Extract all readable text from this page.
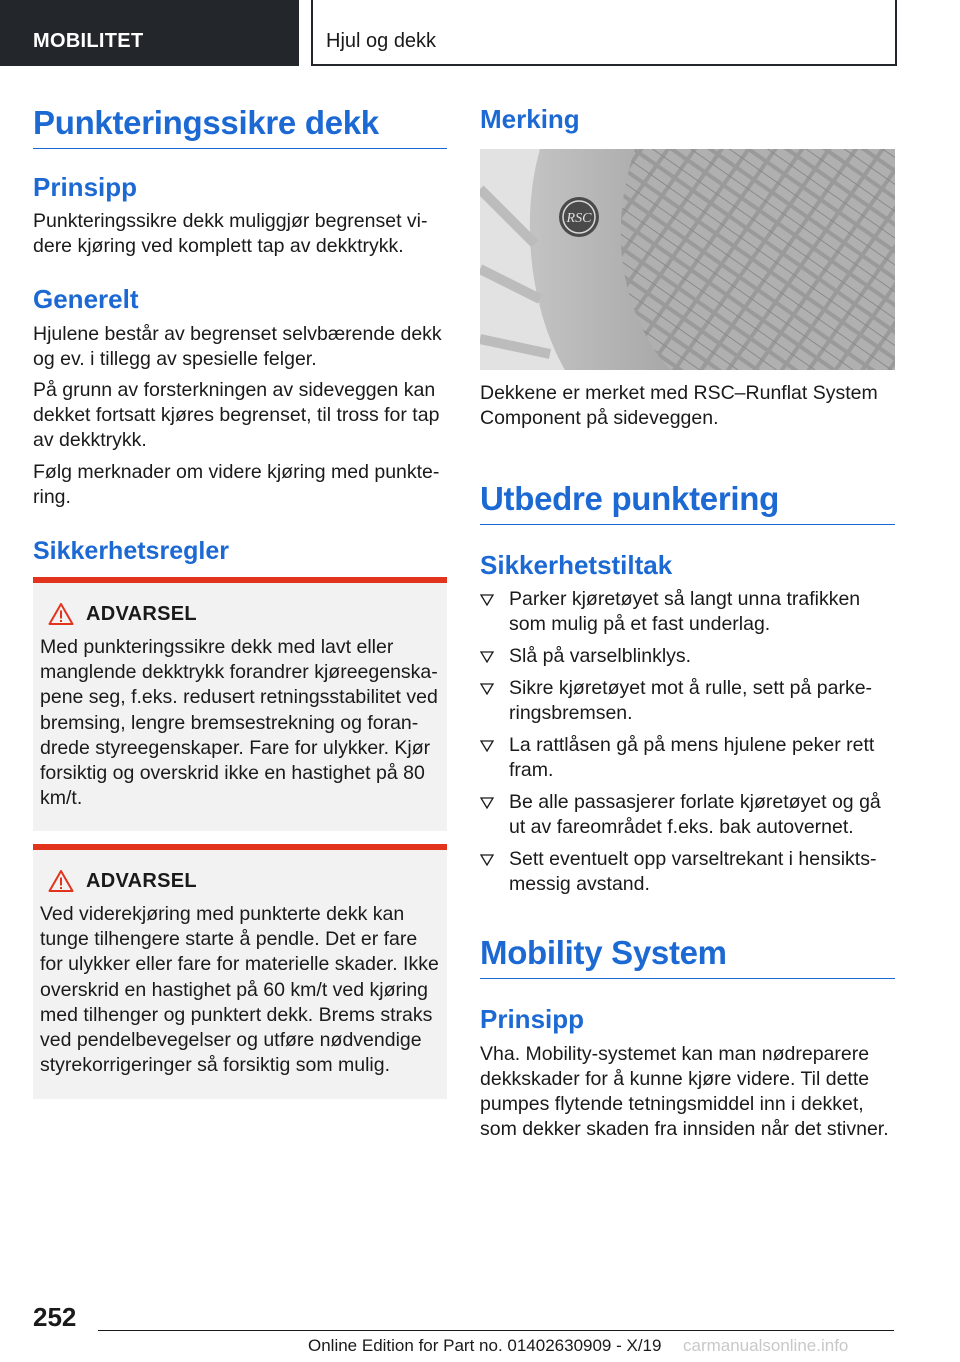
MOBILITET	Hjul og dekk
Punkteringssikre dekk
Prinsipp
Punkteringssikre dekk muliggjør begrenset vi-dere kjøring ved komplett tap av dekktrykk.
Generelt
Hjulene består av begrenset selvbærende dekk og ev. i tillegg av spesielle felger.
På grunn av forsterkningen av sideveggen kan dekket fortsatt kjøres begrenset, til tross for tap av dekktrykk.
Følg merknader om videre kjøring med punkte-ring.
Sikkerhetsregler
ADVARSEL
Med punkteringssikre dekk med lavt eller manglende dekktrykk forandrer kjøreegenska-pene seg, f.eks. redusert retningsstabilitet ved bremsing, lengre bremsestrekning og foran-drede styreegenskaper. Fare for ulykker. Kjør forsiktig og overskrid ikke en hastighet på 80 km/t.
ADVARSEL
Ved viderekjøring med punkterte dekk kan tunge tilhengere starte å pendle. Det er fare for ulykker eller fare for materielle skader. Ikke overskrid en hastighet på 60 km/t ved kjøring med tilhenger og punktert dekk. Brems straks ved pendelbevegelser og utføre nødvendige styrekorrigeringer så forsiktig som mulig.
Merking
RSC
Dekkene er merket med RSC–Runflat System Component på sideveggen.
Utbedre punktering
Sikkerhetstiltak
Parker kjøretøyet så langt unna trafikken som mulig på et fast underlag.
Slå på varselblinklys.
Sikre kjøretøyet mot å rulle, sett på parke-ringsbremsen.
La rattlåsen gå på mens hjulene peker rett fram.
Be alle passasjerer forlate kjøretøyet og gå ut av fareområdet f.eks. bak autovernet.
Sett eventuelt opp varseltrekant i hensikts-messig avstand.
Mobility System
Prinsipp
Vha. Mobility-systemet kan man nødreparere dekkskader for å kunne kjøre videre. Til dette pumpes flytende tetningsmiddel inn i dekket, som dekker skaden fra innsiden når det stivner.
252
Online Edition for Part no. 01402630909 - X/19 carmanualsonline.info
